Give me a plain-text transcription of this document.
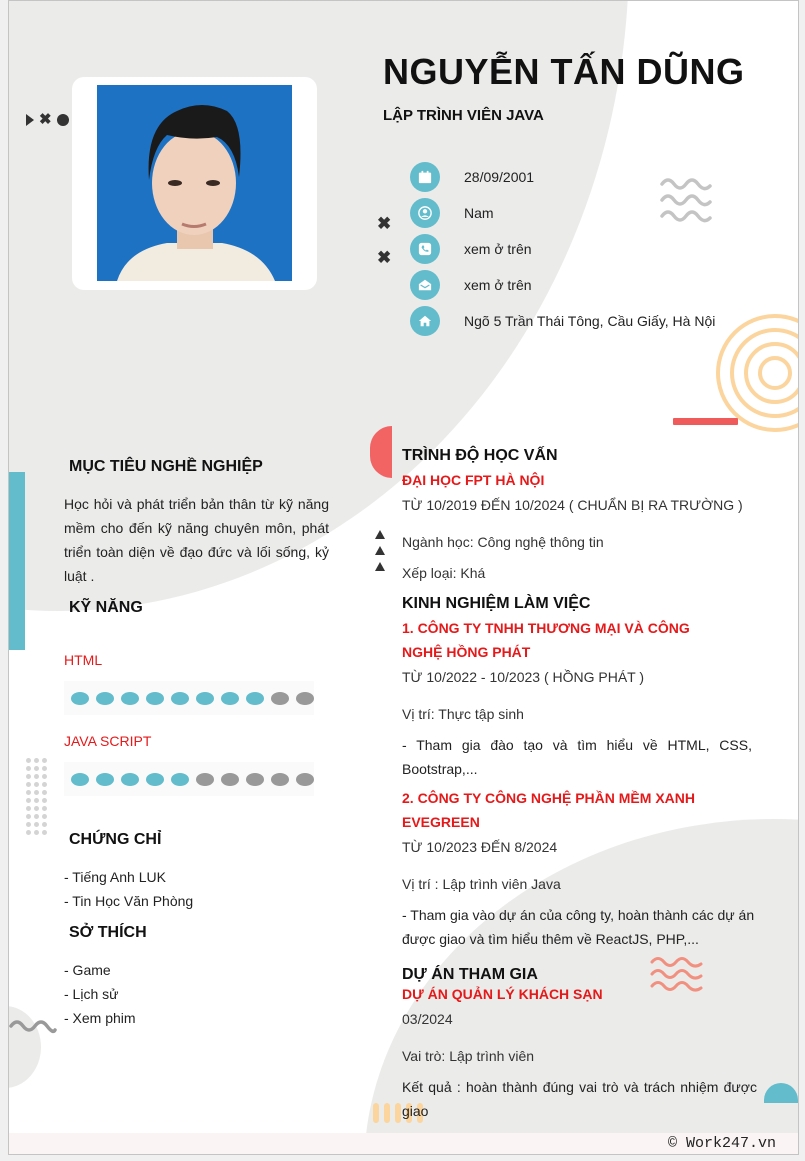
✖
✖
✖
NGUYỄN TẤN DŨNG
LẬP TRÌNH VIÊN JAVA
28/09/2001
Nam
xem ở trên
xem ở trên
Ngõ 5 Trần Thái Tông, Cầu Giấy, Hà Nội
MỤC TIÊU NGHỀ NGHIỆP
Học hỏi và phát triển bản thân từ kỹ năng mềm cho đến kỹ năng chuyên môn, phát triển toàn diện về đạo đức và lối sống, kỷ luật .
KỸ NĂNG
HTML
JAVA SCRIPT
CHỨNG CHỈ
- Tiếng Anh LUK
- Tin Học Văn Phòng
SỞ THÍCH
- Game
- Lịch sử
- Xem phim
TRÌNH ĐỘ HỌC VẤN
ĐẠI HỌC FPT HÀ NỘI
TỪ 10/2019 ĐẾN 10/2024 ( CHUẨN BỊ RA TRƯỜNG )
Ngành học: Công nghệ thông tin
Xếp loại: Khá
KINH NGHIỆM LÀM VIỆC
1. CÔNG TY TNHH THƯƠNG MẠI VÀ CÔNG NGHỆ HỒNG PHÁT
TỪ 10/2022 - 10/2023 ( HỒNG PHÁT )
Vị trí: Thực tập sinh
- Tham gia đào tạo và tìm hiểu về HTML, CSS, Bootstrap,...
2. CÔNG TY CÔNG NGHỆ PHẦN MỀM XANH EVEGREEN
TỪ 10/2023 ĐẾN 8/2024
Vị trí : Lập trình viên Java
- Tham gia vào dự án của công ty, hoàn thành các dự án được giao và tìm hiểu thêm về ReactJS, PHP,...
DỰ ÁN THAM GIA
DỰ ÁN QUẢN LÝ KHÁCH SẠN
03/2024
Vai trò: Lập trình viên
Kết quả : hoàn thành đúng vai trò và trách nhiệm được giao
© Work247.vn
